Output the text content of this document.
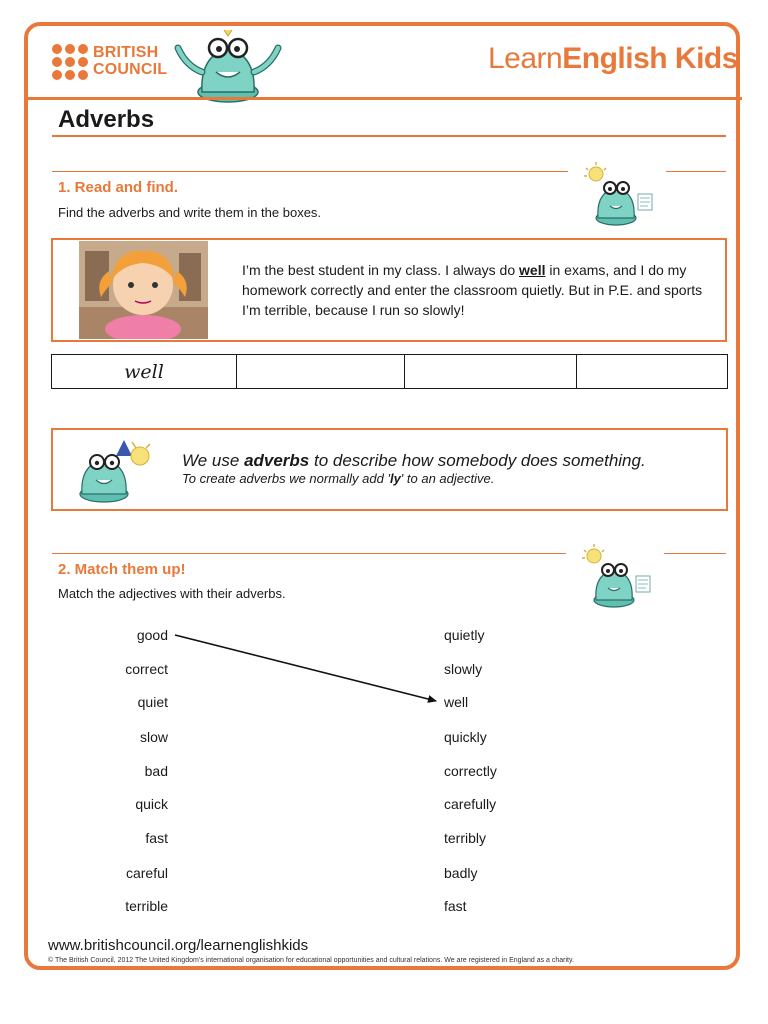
BRITISH
COUNCIL	LearnEnglish Kids
Adverbs
1. Read and find.
Find the adverbs and write them in the boxes.
I’m the best student in my class. I always do well in exams, and I do my homework correctly and enter the classroom quietly. But in P.E. and sports I’m terrible, because I run so slowly!
well			
We use adverbs to describe how somebody does something.
To create adverbs we normally add 'ly' to an adjective.
2. Match them up!
Match the adjectives with their adverbs.
good
correct
quiet
slow
bad
quick
fast
careful
terrible
quietly
slowly
well
quickly
correctly
carefully
terribly
badly
fast
www.britishcouncil.org/learnenglishkids
© The British Council, 2012 The United Kingdom’s international organisation for educational opportunities and cultural relations. We are registered in England as a charity.
